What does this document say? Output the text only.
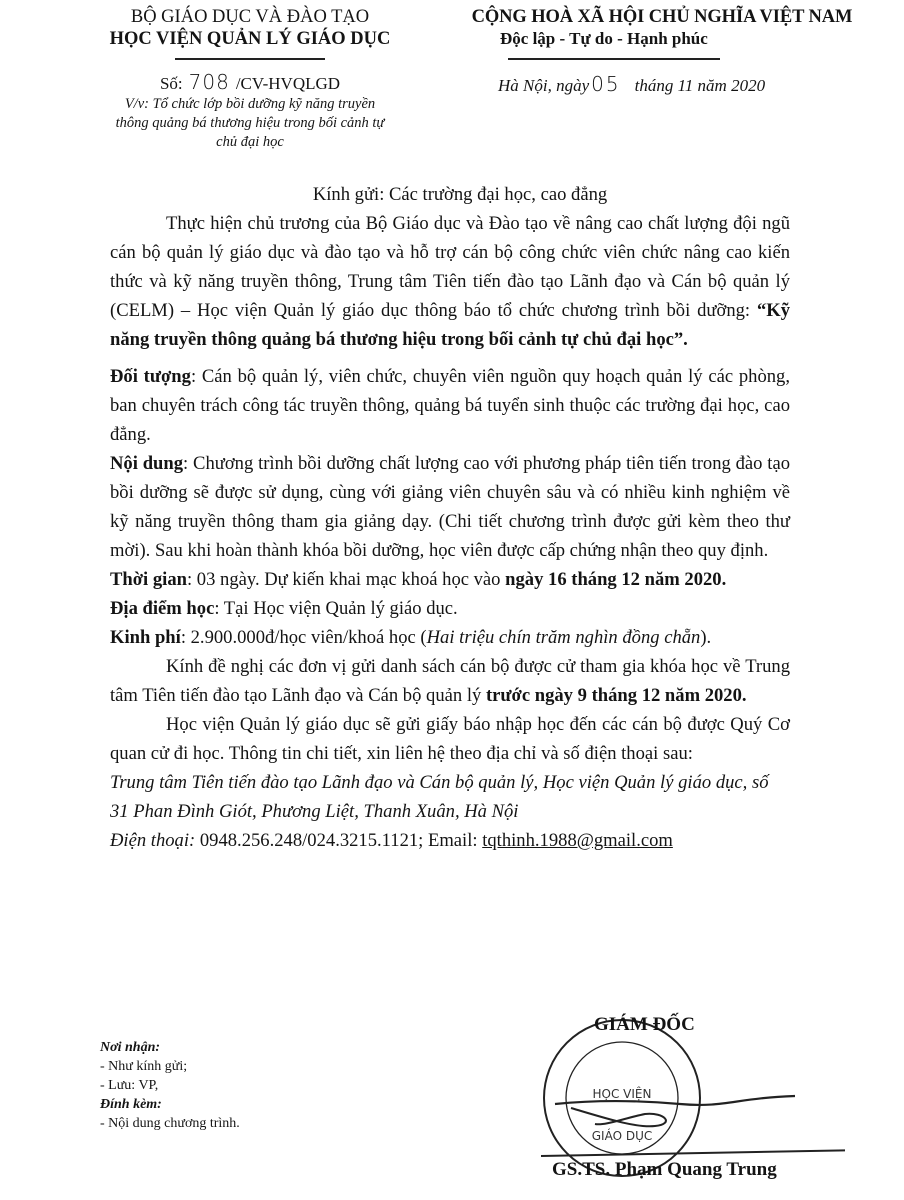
BỘ GIÁO DỤC VÀ ĐÀO TẠO
HỌC VIỆN QUẢN LÝ GIÁO DỤC
Số: 708 /CV-HVQLGD
V/v: Tổ chức lớp bồi dưỡng kỹ năng truyền
thông quảng bá thương hiệu trong bối cảnh tự
chủ đại học
CỘNG HOÀ XÃ HỘI CHỦ NGHĨA VIỆT NAM
Độc lập - Tự do - Hạnh phúc
Hà Nội, ngày 05 tháng 11 năm 2020

Kính gửi: Các trường đại học, cao đẳng

Thực hiện chủ trương của Bộ Giáo dục và Đào tạo về nâng cao chất lượng đội ngũ cán bộ quản lý giáo dục và đào tạo và hỗ trợ cán bộ công chức viên chức nâng cao kiến thức và kỹ năng truyền thông, Trung tâm Tiên tiến đào tạo Lãnh đạo và Cán bộ quản lý (CELM) – Học viện Quản lý giáo dục thông báo tổ chức chương trình bồi dưỡng: “Kỹ năng truyền thông quảng bá thương hiệu trong bối cảnh tự chủ đại học”.

Đối tượng: Cán bộ quản lý, viên chức, chuyên viên nguồn quy hoạch quản lý các phòng, ban chuyên trách công tác truyền thông, quảng bá tuyển sinh thuộc các trường đại học, cao đẳng.

Nội dung: Chương trình bồi dưỡng chất lượng cao với phương pháp tiên tiến trong đào tạo bồi dưỡng sẽ được sử dụng, cùng với giảng viên chuyên sâu và có nhiều kinh nghiệm về kỹ năng truyền thông tham gia giảng dạy. (Chi tiết chương trình được gửi kèm theo thư mời). Sau khi hoàn thành khóa bồi dưỡng, học viên được cấp chứng nhận theo quy định.

Thời gian: 03 ngày. Dự kiến khai mạc khoá học vào ngày 16 tháng 12 năm 2020.

Địa điểm học: Tại Học viện Quản lý giáo dục.

Kinh phí: 2.900.000đ/học viên/khoá học (Hai triệu chín trăm nghìn đồng chẵn).

Kính đề nghị các đơn vị gửi danh sách cán bộ được cử tham gia khóa học về Trung tâm Tiên tiến đào tạo Lãnh đạo và Cán bộ quản lý trước ngày 9 tháng 12 năm 2020.

Học viện Quản lý giáo dục sẽ gửi giấy báo nhập học đến các cán bộ được Quý Cơ quan cử đi học. Thông tin chi tiết, xin liên hệ theo địa chỉ và số điện thoại sau:

Trung tâm Tiên tiến đào tạo Lãnh đạo và Cán bộ quản lý, Học viện Quản lý giáo dục, số 31 Phan Đình Giót, Phương Liệt, Thanh Xuân, Hà Nội

Điện thoại: 0948.256.248/024.3215.1121; Email: tqthinh.1988@gmail.com

Nơi nhận:
- Như kính gửi;
- Lưu: VP,
Đính kèm:
- Nội dung chương trình.
HỌC VIỆN
GIÁO DỤC
GIÁM ĐỐC
GS.TS. Phạm Quang Trung
